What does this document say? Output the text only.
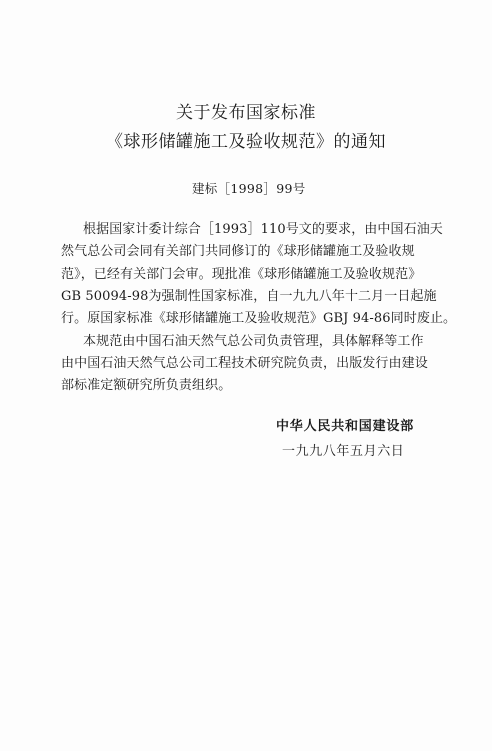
关于发布国家标准
《球形储罐施工及验收规范》的通知
建标［1998］99号
根据国家计委计综合［1993］110号文的要求，由中国石油天
然气总公司会同有关部门共同修订的《球形储罐施工及验收规
范》，已经有关部门会审。现批准《球形储罐施工及验收规范》
GB 50094-98为强制性国家标准，自一九九八年十二月一日起施
行。原国家标准《球形储罐施工及验收规范》GBJ 94-86同时废止。
本规范由中国石油天然气总公司负责管理，具体解释等工作
由中国石油天然气总公司工程技术研究院负责，出版发行由建设
部标准定额研究所负责组织。
中华人民共和国建设部
一九九八年五月六日
